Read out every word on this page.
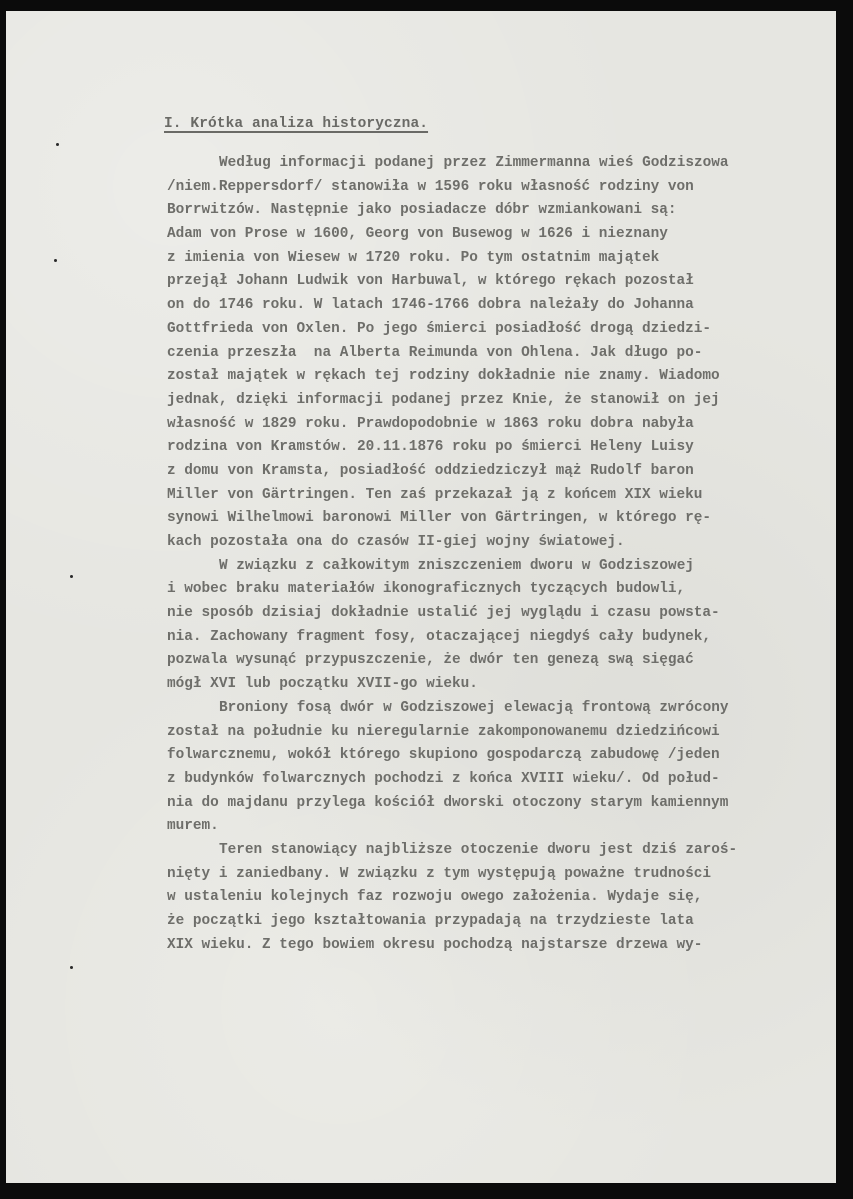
I. Krótka analiza historyczna.
Według informacji podanej przez Zimmermanna wieś Godziszowa
/niem.Reppersdorf/ stanowiła w 1596 roku własność rodziny von
Borrwitzów. Następnie jako posiadacze dóbr wzmiankowani są:
Adam von Prose w 1600, Georg von Busewog w 1626 i nieznany
z imienia von Wiesew w 1720 roku. Po tym ostatnim majątek
przejął Johann Ludwik von Harbuwal, w którego rękach pozostał
on do 1746 roku. W latach 1746-1766 dobra należały do Johanna
Gottfrieda von Oxlen. Po jego śmierci posiadłość drogą dziedzi-
czenia przeszła  na Alberta Reimunda von Ohlena. Jak długo po-
został majątek w rękach tej rodziny dokładnie nie znamy. Wiadomo
jednak, dzięki informacji podanej przez Knie, że stanowił on jej
własność w 1829 roku. Prawdopodobnie w 1863 roku dobra nabyła
rodzina von Kramstów. 20.11.1876 roku po śmierci Heleny Luisy
z domu von Kramsta, posiadłość oddziedziczył mąż Rudolf baron
Miller von Gärtringen. Ten zaś przekazał ją z końcem XIX wieku
synowi Wilhelmowi baronowi Miller von Gärtringen, w którego rę-
kach pozostała ona do czasów II-giej wojny światowej.
W związku z całkowitym zniszczeniem dworu w Godziszowej
i wobec braku materiałów ikonograficznych tyczących budowli,
nie sposób dzisiaj dokładnie ustalić jej wyglądu i czasu powsta-
nia. Zachowany fragment fosy, otaczającej niegdyś cały budynek,
pozwala wysunąć przypuszczenie, że dwór ten genezą swą sięgać
mógł XVI lub początku XVII-go wieku.
Broniony fosą dwór w Godziszowej elewacją frontową zwrócony
został na południe ku nieregularnie zakomponowanemu dziedzińcowi
folwarcznemu, wokół którego skupiono gospodarczą zabudowę /jeden
z budynków folwarcznych pochodzi z końca XVIII wieku/. Od połud-
nia do majdanu przylega kościół dworski otoczony starym kamiennym
murem.
Teren stanowiący najbliższe otoczenie dworu jest dziś zaroś-
nięty i zaniedbany. W związku z tym występują poważne trudności
w ustaleniu kolejnych faz rozwoju owego założenia. Wydaje się,
że początki jego kształtowania przypadają na trzydzieste lata
XIX wieku. Z tego bowiem okresu pochodzą najstarsze drzewa wy-
